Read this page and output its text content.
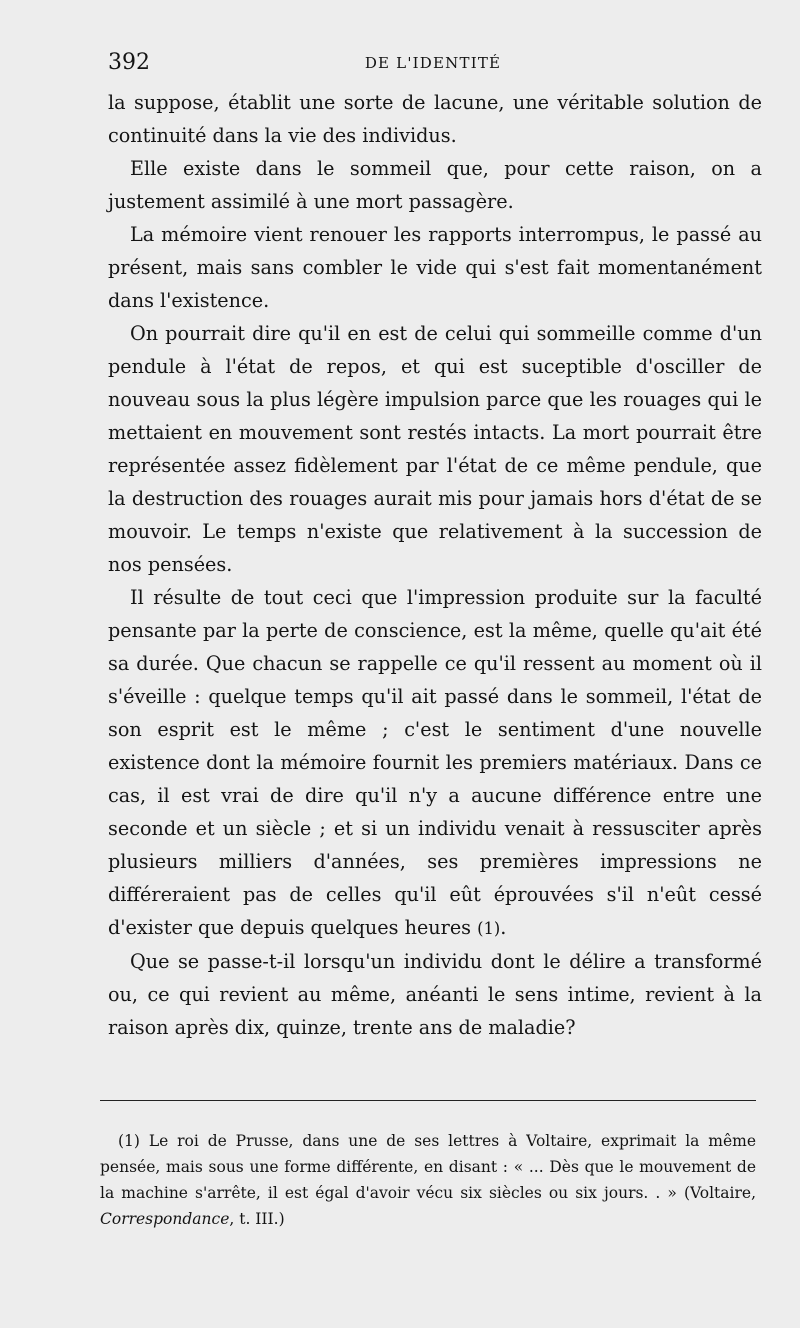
392	DE L'IDENTITÉ

la suppose, établit une sorte de lacune, une véritable solution de continuité dans la vie des individus.

Elle existe dans le sommeil que, pour cette raison, on a justement assimilé à une mort passagère.

La mémoire vient renouer les rapports interrompus, le passé au présent, mais sans combler le vide qui s'est fait momentanément dans l'existence.

On pourrait dire qu'il en est de celui qui sommeille comme d'un pendule à l'état de repos, et qui est suceptible d'osciller de nouveau sous la plus légère impulsion parce que les rouages qui le mettaient en mouvement sont restés intacts. La mort pourrait être représentée assez fidèlement par l'état de ce même pendule, que la destruction des rouages aurait mis pour jamais hors d'état de se mouvoir. Le temps n'existe que relativement à la succession de nos pensées.

Il résulte de tout ceci que l'impression produite sur la faculté pensante par la perte de conscience, est la même, quelle qu'ait été sa durée. Que chacun se rappelle ce qu'il ressent au moment où il s'éveille : quelque temps qu'il ait passé dans le sommeil, l'état de son esprit est le même ; c'est le sentiment d'une nouvelle existence dont la mémoire fournit les premiers matériaux. Dans ce cas, il est vrai de dire qu'il n'y a aucune différence entre une seconde et un siècle ; et si un individu venait à ressusciter après plusieurs milliers d'années, ses premières impressions ne différeraient pas de celles qu'il eût éprouvées s'il n'eût cessé d'exister que depuis quelques heures (1).

Que se passe-t-il lorsqu'un individu dont le délire a transformé ou, ce qui revient au même, anéanti le sens intime, revient à la raison après dix, quinze, trente ans de maladie?

(1) Le roi de Prusse, dans une de ses lettres à Voltaire, exprimait la même pensée, mais sous une forme différente, en disant : « ... Dès que le mouvement de la machine s'arrête, il est égal d'avoir vécu six siècles ou six jours. . » (Voltaire, Correspondance, t. III.)
